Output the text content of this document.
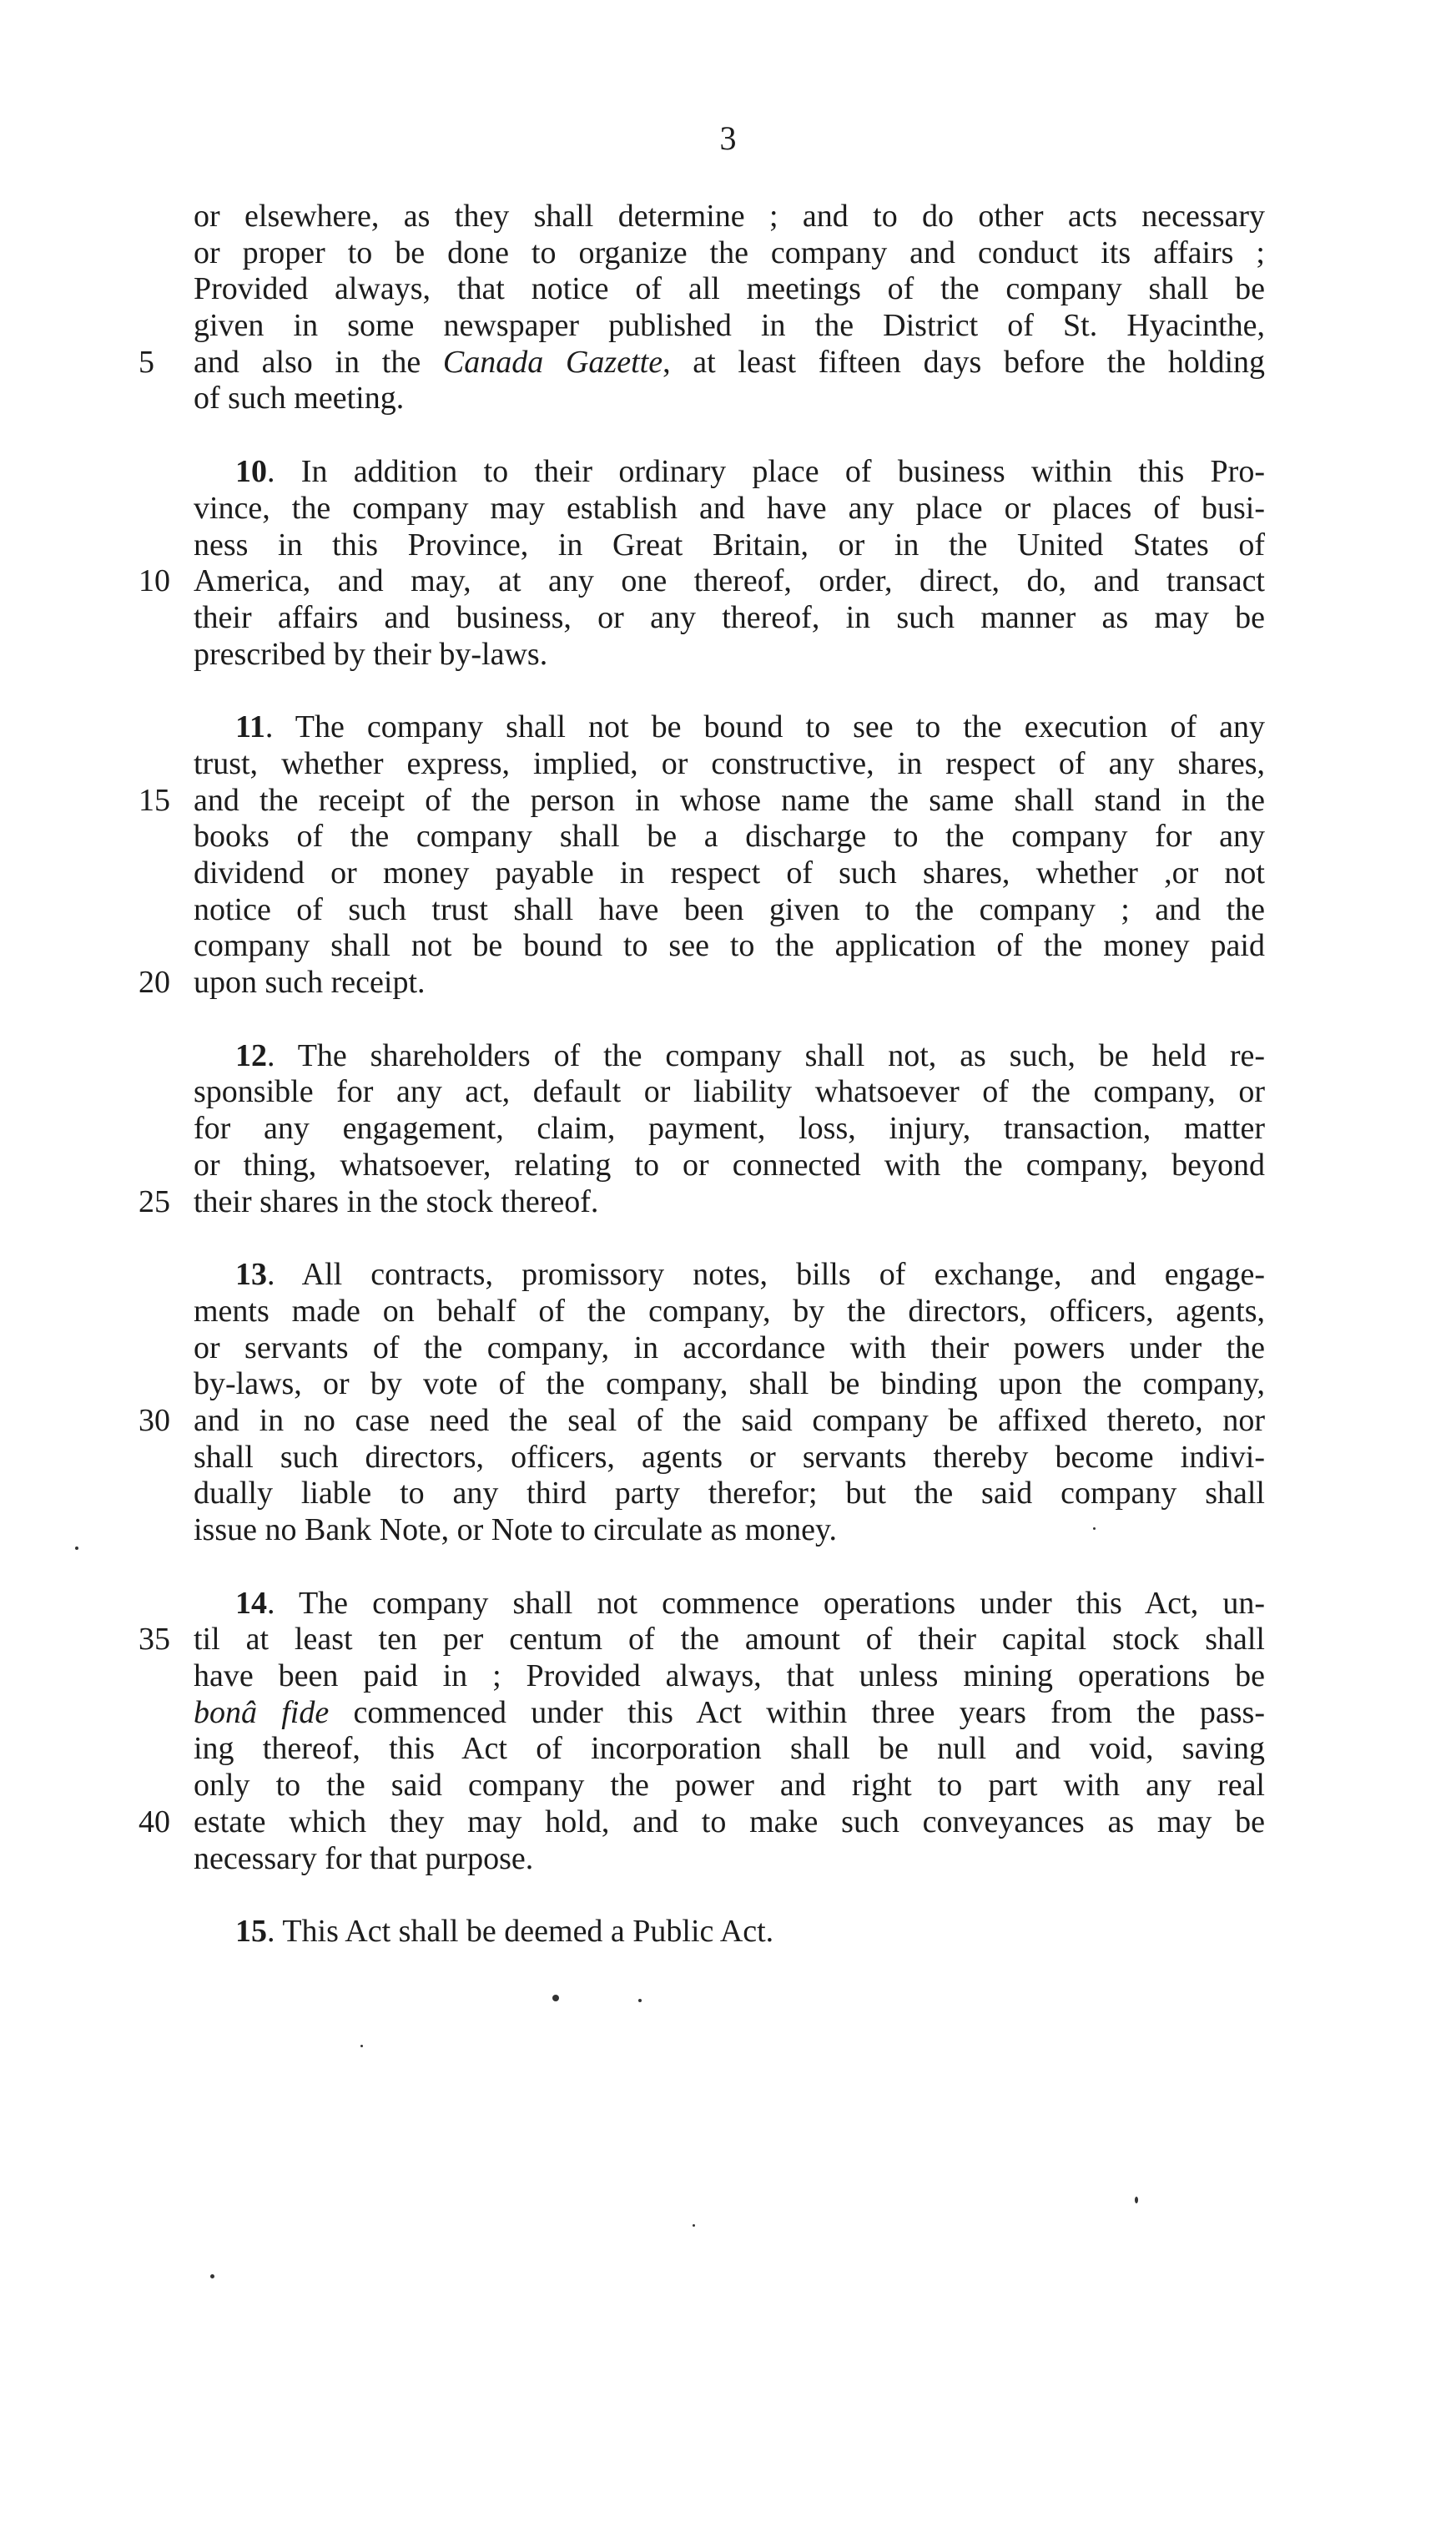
3
or elsewhere, as they shall determine ; and to do other acts necessary
or proper to be done to organize the company and conduct its affairs ;
Provided always, that notice of all meetings of the company shall be
given in some newspaper published in the District of St. Hyacinthe,
5	and also in the Canada Gazette, at least fifteen days before the holding
of such meeting.
10. In addition to their ordinary place of business within this Pro-
vince, the company may establish and have any place or places of busi-
ness in this Province, in Great Britain, or in the United States of
10 America, and may, at any one thereof, order, direct, do, and transact
their affairs and business, or any thereof, in such manner as may be
prescribed by their by-laws.
11. The company shall not be bound to see to the execution of any
trust, whether express, implied, or constructive, in respect of any shares,
15 and the receipt of the person in whose name the same shall stand in the
books of the company shall be a discharge to the company for any
dividend or money payable in respect of such shares, whether ,or not
notice of such trust shall have been given to the company ; and the
company shall not be bound to see to the application of the money paid
20 upon such receipt.
12. The shareholders of the company shall not, as such, be held re-
sponsible for any act, default or liability whatsoever of the company, or
for any engagement, claim, payment, loss, injury, transaction, matter
or thing, whatsoever, relating to or connected with the company, beyond
25 their shares in the stock thereof.
13. All contracts, promissory notes, bills of exchange, and engage-
ments made on behalf of the company, by the directors, officers, agents,
or servants of the company, in accordance with their powers under the
by-laws, or by vote of the company, shall be binding upon the company,
30 and in no case need the seal of the said company be affixed thereto, nor
shall such directors, officers, agents or servants thereby become indivi-
dually liable to any third party therefor; but the said company shall
issue no Bank Note, or Note to circulate as money.
14. The company shall not commence operations under this Act, un-
35 til at least ten per centum of the amount of their capital stock shall
have been paid in ; Provided always, that unless mining operations be
bonâ fide commenced under this Act within three years from the pass-
ing thereof, this Act of incorporation shall be null and void, saving
only to the said company the power and right to part with any real
40 estate which they may hold, and to make such conveyances as may be
necessary for that purpose.
15. This Act shall be deemed a Public Act.
